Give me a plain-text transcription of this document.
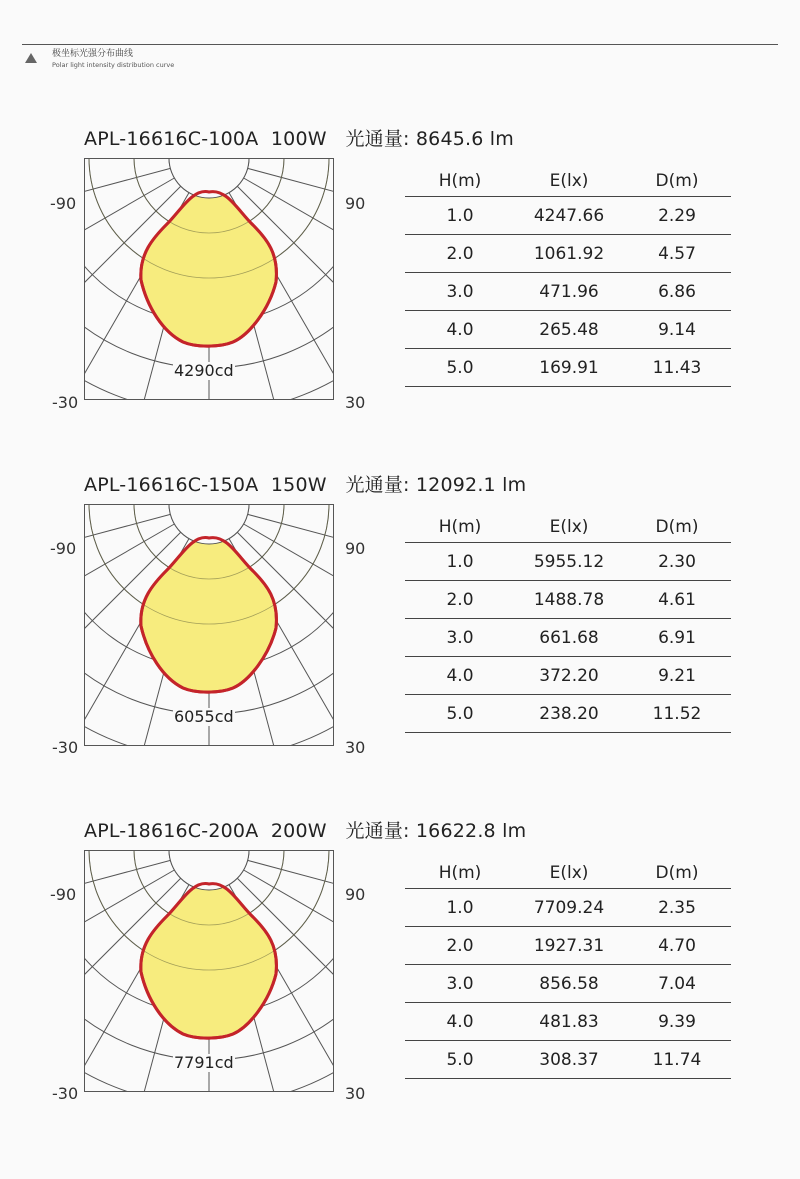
极坐标光强分布曲线
Polar light intensity distribution curve
APL-16616C-100A  100W   光通量: 8645.6 lm
-90	90
-30	30
4290cd
H(m)	E(lx)	D(m)
1.0	4247.66	2.29
2.0	1061.92	4.57
3.0	471.96	6.86
4.0	265.48	9.14
5.0	169.91	11.43
APL-16616C-150A  150W   光通量: 12092.1 lm
-90	90
-30	30
6055cd
H(m)	E(lx)	D(m)
1.0	5955.12	2.30
2.0	1488.78	4.61
3.0	661.68	6.91
4.0	372.20	9.21
5.0	238.20	11.52
APL-18616C-200A  200W   光通量: 16622.8 lm
-90	90
-30	30
7791cd
H(m)	E(lx)	D(m)
1.0	7709.24	2.35
2.0	1927.31	4.70
3.0	856.58	7.04
4.0	481.83	9.39
5.0	308.37	11.74
